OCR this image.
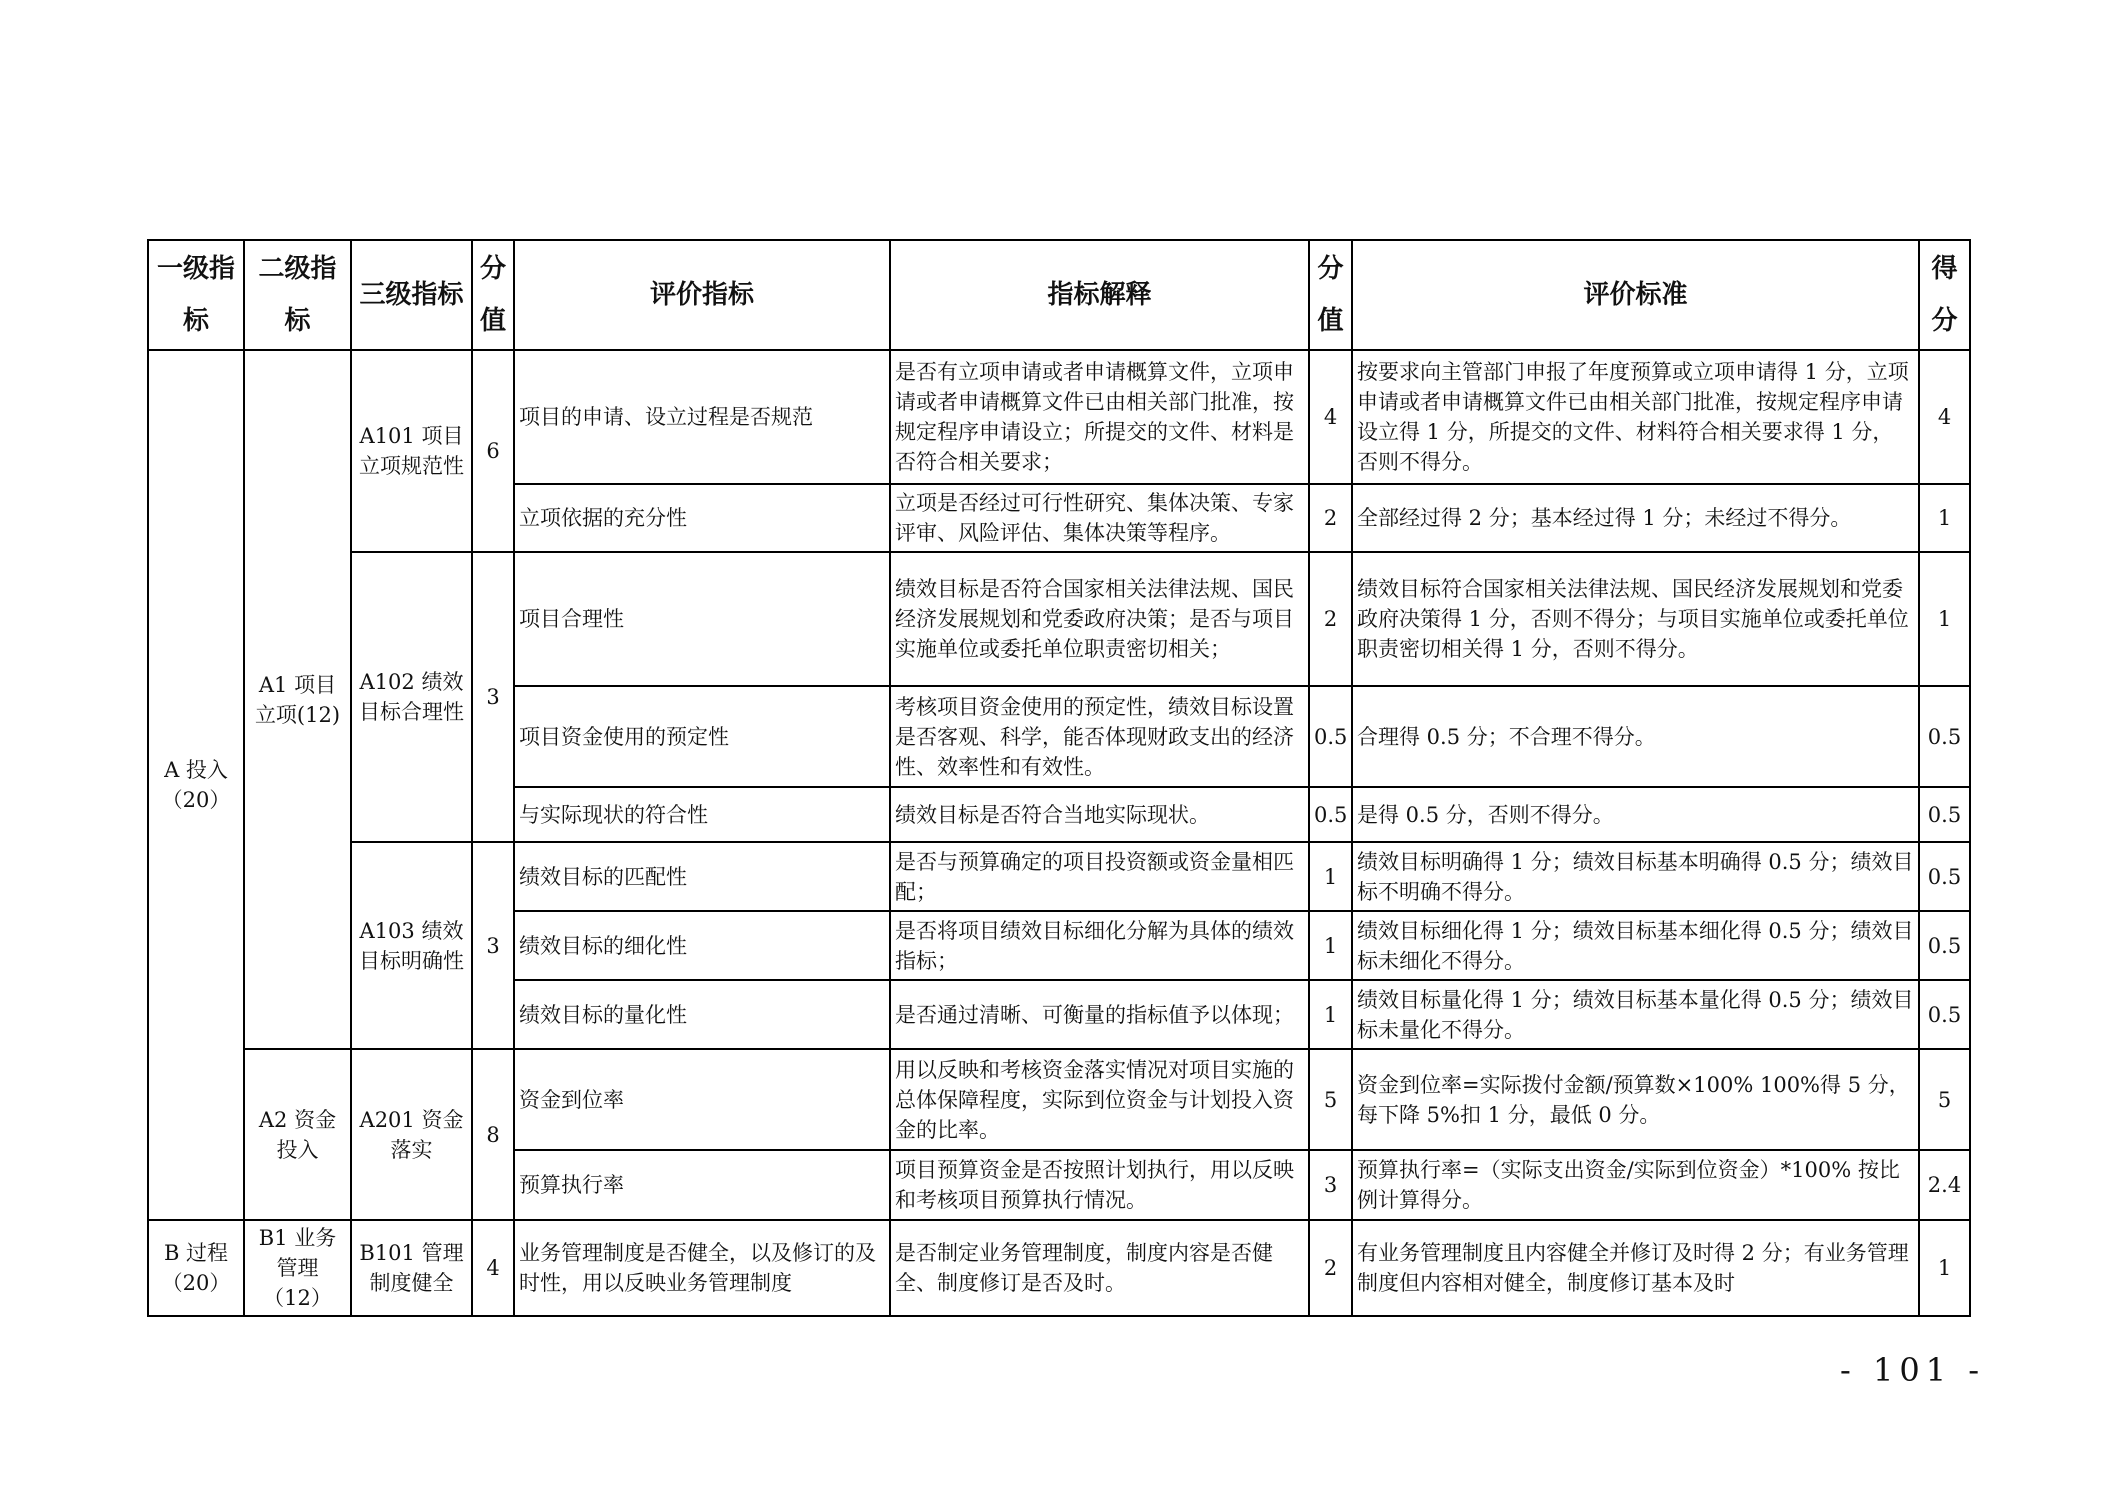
一级指标	二级指标	三级指标	分值	评价指标	指标解释	分值	评价标准	得分
A 投入（20）	A1 项目立项(12)	A101 项目立项规范性	6	项目的申请、设立过程是否规范	是否有立项申请或者申请概算文件，立项申请或者申请概算文件已由相关部门批准，按规定程序申请设立；所提交的文件、材料是否符合相关要求；	4	按要求向主管部门申报了年度预算或立项申请得 1 分，立项申请或者申请概算文件已由相关部门批准，按规定程序申请设立得 1 分，所提交的文件、材料符合相关要求得 1 分，否则不得分。	4
				立项依据的充分性	立项是否经过可行性研究、集体决策、专家评审、风险评估、集体决策等程序。	2	全部经过得 2 分；基本经过得 1 分；未经过不得分。	1
		A102 绩效目标合理性	3	项目合理性	绩效目标是否符合国家相关法律法规、国民经济发展规划和党委政府决策；是否与项目实施单位或委托单位职责密切相关；	2	绩效目标符合国家相关法律法规、国民经济发展规划和党委政府决策得 1 分，否则不得分；与项目实施单位或委托单位职责密切相关得 1 分，否则不得分。	1
				项目资金使用的预定性	考核项目资金使用的预定性，绩效目标设置是否客观、科学，能否体现财政支出的经济性、效率性和有效性。	0.5	合理得 0.5 分；不合理不得分。	0.5
				与实际现状的符合性	绩效目标是否符合当地实际现状。	0.5	是得 0.5 分，否则不得分。	0.5
		A103 绩效目标明确性	3	绩效目标的匹配性	是否与预算确定的项目投资额或资金量相匹配；	1	绩效目标明确得 1 分；绩效目标基本明确得 0.5 分；绩效目标不明确不得分。	0.5
				绩效目标的细化性	是否将项目绩效目标细化分解为具体的绩效指标；	1	绩效目标细化得 1 分；绩效目标基本细化得 0.5 分；绩效目标未细化不得分。	0.5
				绩效目标的量化性	是否通过清晰、可衡量的指标值予以体现；	1	绩效目标量化得 1 分；绩效目标基本量化得 0.5 分；绩效目标未量化不得分。	0.5
	A2 资金投入	A201 资金落实	8	资金到位率	用以反映和考核资金落实情况对项目实施的总体保障程度，实际到位资金与计划投入资金的比率。	5	资金到位率=实际拨付金额/预算数×100% 100%得 5 分，每下降 5%扣 1 分，最低 0 分。	5
				预算执行率	项目预算资金是否按照计划执行，用以反映和考核项目预算执行情况。	3	预算执行率=（实际支出资金/实际到位资金）*100% 按比例计算得分。	2.4
B 过程（20）	B1 业务管理（12）	B101 管理制度健全	4	业务管理制度是否健全，以及修订的及时性，用以反映业务管理制度	是否制定业务管理制度，制度内容是否健全、制度修订是否及时。	2	有业务管理制度且内容健全并修订及时得 2 分；有业务管理制度但内容相对健全，制度修订基本及时	1
- 101 -
